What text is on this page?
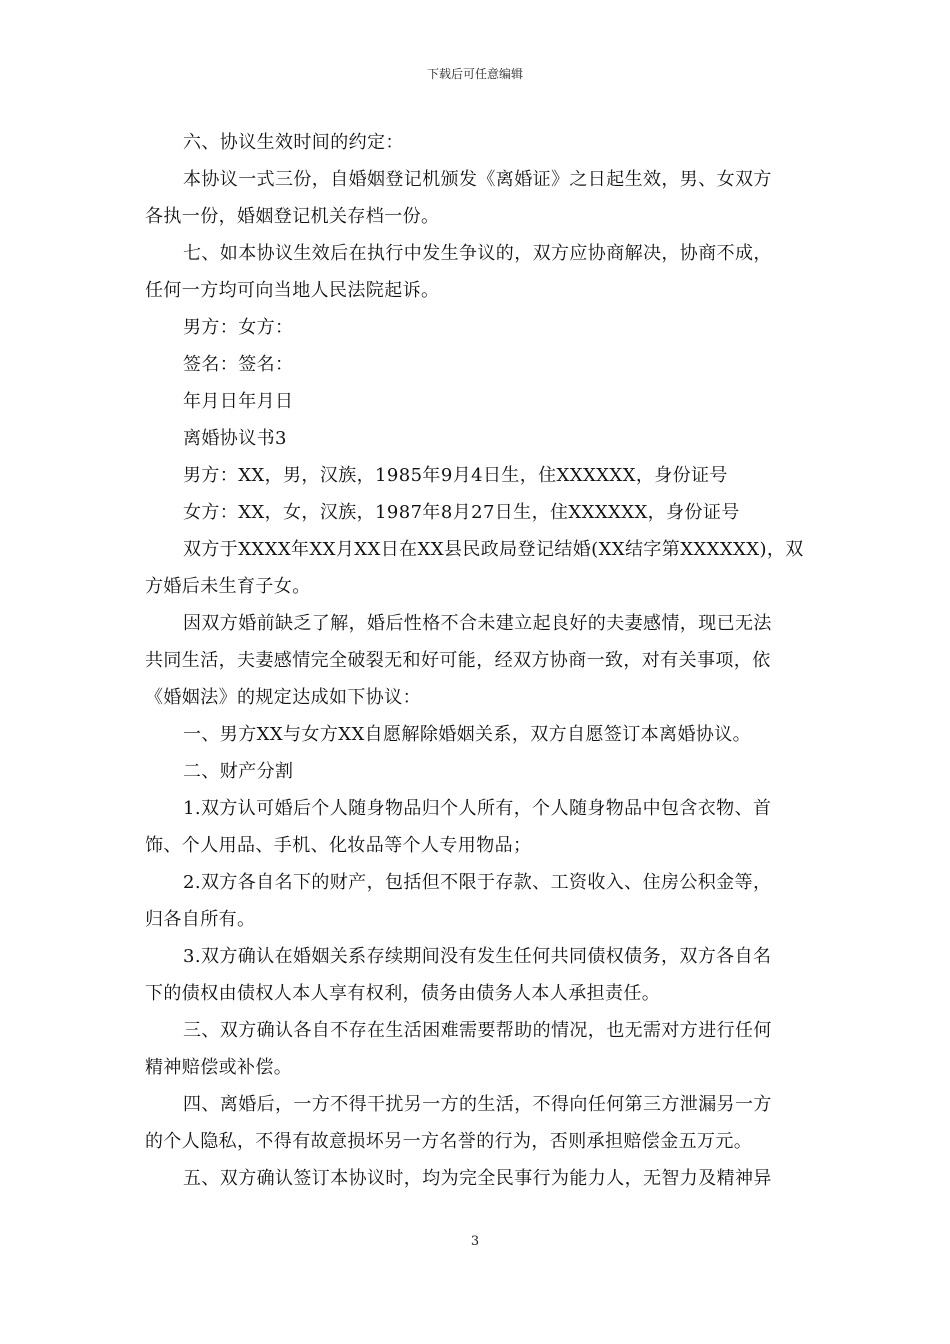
下载后可任意编辑

六、协议生效时间的约定：

本协议一式三份，自婚姻登记机颁发《离婚证》之日起生效，男、女双方

各执一份，婚姻登记机关存档一份。

七、如本协议生效后在执行中发生争议的，双方应协商解决，协商不成，

任何一方均可向当地人民法院起诉。

男方：女方：

签名：签名：

年月日年月日

离婚协议书3

男方：XX，男，汉族，1985年9月4日生，住XXXXXX，身份证号

女方：XX，女，汉族，1987年8月27日生，住XXXXXX，身份证号

双方于XXXX年XX月XX日在XX县民政局登记结婚(XX结字第XXXXXX)，双

方婚后未生育子女。

因双方婚前缺乏了解，婚后性格不合未建立起良好的夫妻感情，现已无法

共同生活，夫妻感情完全破裂无和好可能，经双方协商一致，对有关事项，依

《婚姻法》的规定达成如下协议：

一、男方XX与女方XX自愿解除婚姻关系，双方自愿签订本离婚协议。

二、财产分割

1.双方认可婚后个人随身物品归个人所有，个人随身物品中包含衣物、首

饰、个人用品、手机、化妆品等个人专用物品；

2.双方各自名下的财产，包括但不限于存款、工资收入、住房公积金等，

归各自所有。

3.双方确认在婚姻关系存续期间没有发生任何共同债权债务，双方各自名

下的债权由债权人本人享有权利，债务由债务人本人承担责任。

三、双方确认各自不存在生活困难需要帮助的情况，也无需对方进行任何

精神赔偿或补偿。

四、离婚后，一方不得干扰另一方的生活，不得向任何第三方泄漏另一方

的个人隐私，不得有故意损坏另一方名誉的行为，否则承担赔偿金五万元。

五、双方确认签订本协议时，均为完全民事行为能力人，无智力及精神异

3
